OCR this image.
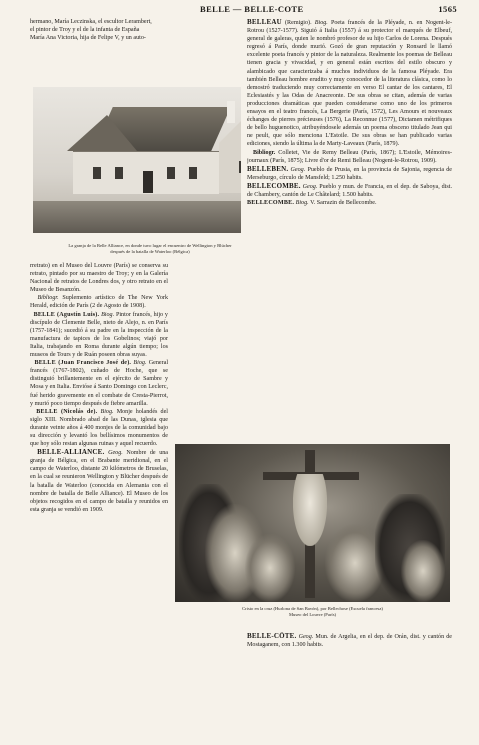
BELLE — BELLE-COTE	1565

hermano, María Leczinska, el escultor Lerambert,

el pintor de Troy y el de la infanta de España

María Ana Victoria, hija de Felipe V, y un auto-

La granja de la Belle Alliance, en donde tuvo lugar el encuentro de Wellington y Blücher
después de la batalla de Waterloo (Bélgica)

rretrato) en el Museo del Louvre (París) se conserva su retrato, pintado por su maestro de Troy; y en la Galería Nacional de retratos de Londres dos, y otro retrato en el Museo de Besanzón.

Bibliogr. Suplemento artístico de The New York Herald, edición de París (2 de Agosto de 1908).

BELLE (Agustín Luis). Biog. Pintor francés, hijo y discípulo de Clemente Belle, nieto de Alejo, n. en París (1757-1841); sucedió á su padre en la inspección de la manufactura de tapices de los Gobelinos; viajó por Italia, trabajando en Roma durante algún tiempo; los museos de Tours y de Ruán poseen obras suyas.

BELLE (Juan Francisco José de). Biog. General francés (1767-1802), cuñado de Hoche, que se distinguió brillantemente en el ejército de Sambre y Mosa y en Italia. Envióse á Santo Domingo con Leclerc, fué herido gravemente en el combate de Cresta-Pierrot, y murió poco tiempo después de fiebre amarilla.

BELLE (Nicolás de). Biog. Monje holandés del siglo XIII. Nombrado abad de las Dunas, iglesia que durante veinte años á 400 monjes de la comunidad bajo su dirección y levantó los bellísimos monumentos de que hoy sólo restan algunas ruinas y aquel recuerdo.

BELLE-ALLIANCE. Geog. Nombre de una granja de Bélgica, en el Brabante meridional, en el campo de Waterloo, distante 20 kilómetros de Bruselas, en la cual se reunieron Wellington y Blücher después de la batalla de Waterloo (conocida en Alemania con el nombre de batalla de Belle Alliance). El Museo de los objetos recogidos en el campo de batalla y reunidos en esta granja se vendió en 1909.

BELLEAU (Remigio). Biog. Poeta francés de la Pléyade, n. en Nogent-le-Rotrou (1527-1577). Siguió á Italia (1557) á su protector el marqués de Elbeuf, general de galeras, quien le nombró profesor de su hijo Carlos de Lorena. Después regresó á París, donde murió. Gozó de gran reputación y Ronsard le llamó excelente poeta francés y pintor de la naturaleza. Realmente los poemas de Belleau tienen gracia y vivacidad, y en general están escritos del estilo obscuro y alambicado que caracterizaba á muchos individuos de la famosa Pléyade. Era también Belleau hombre erudito y muy conocedor de la literatura clásica, como lo demostró traduciendo muy correctamente en verso El cantar de los cantares, El Eclesiastés y las Odas de Anacreonte. De sus obras se citan, además de varias producciones dramáticas que pueden considerarse como uno de los primeros ensayos en el teatro francés, La Bergerie (París, 1572), Les Amours et nouveaux échanges de pierres précieuses (1576), La Reconnue (1577), Dictamen métrifiques de bello huguenotico, atribuyéndosele además un poema obsceno titulado Jean qui ne peult, que sólo menciona L'Estoile. De sus obras se han publicado varias ediciones, siendo la última la de Marty-Laveaux (París, 1879).

Bibliogr. Colletet, Vie de Remy Belleau (París, 1867); L'Estoile, Mémoires-journaux (París, 1875); Livre d'or de Remi Belleau (Nogent-le-Rotrou, 1909).

BELLEBEN. Geog. Pueblo de Prusia, en la provincia de Sajonia, regencia de Merseburgo, círculo de Mansfeld; 1.250 habits.

BELLECOMBE. Geog. Pueblo y mun. de Francia, en el dep. de Saboya, dist. de Chambery, cantón de Le Châtelard; 1.500 habits.

BELLECOMBE. Biog. V. Sarrazin de Bellecombe.

Cristo en la cruz (Hurlona de San Bavón), por Bellechose (Escuela francesa)
Museo del Louvre (París)

BELLE-CÔTE. Geog. Mun. de Argelia, en el dep. de Orán, dist. y cantón de Mostaganem, con 1.300 habits.
